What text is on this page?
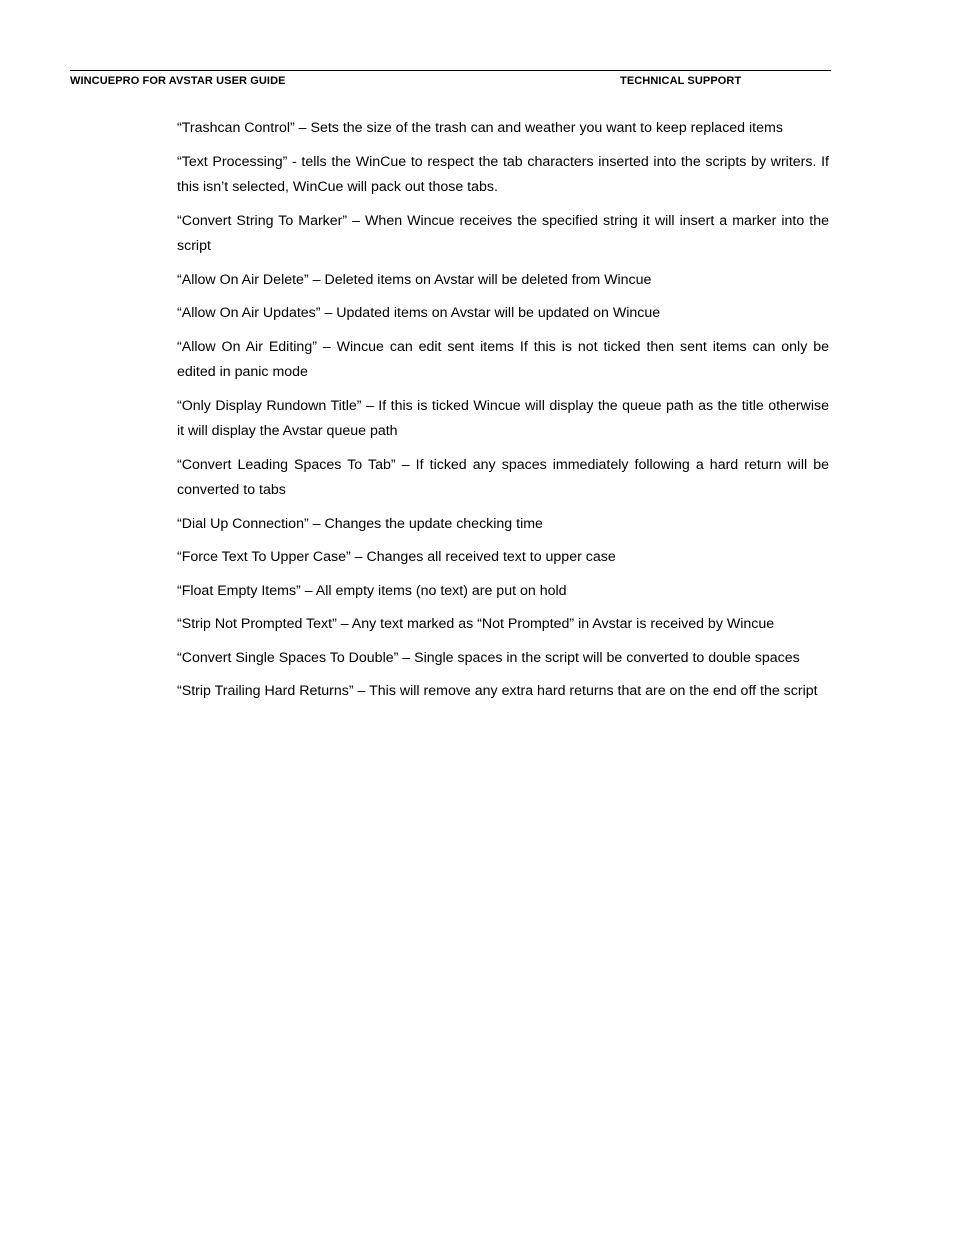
WINCUEPRO FOR AVSTAR USER GUIDE	TECHNICAL SUPPORT

“Trashcan Control” – Sets the size of the trash can and weather you want to keep replaced items

“Text Processing” - tells the WinCue to respect the tab characters inserted into the scripts by writers. If this isn’t selected, WinCue will pack out those tabs.

“Convert String To Marker” – When Wincue receives the specified string it will insert a marker into the script

“Allow On Air Delete” – Deleted items on Avstar will be deleted from Wincue

“Allow On Air Updates” – Updated items on Avstar will be updated on Wincue

“Allow On Air Editing” – Wincue can edit sent items If this is not ticked then sent items can only be edited in panic mode

“Only Display Rundown Title” – If this is ticked Wincue will display the queue path as the title otherwise it will display the Avstar queue path

“Convert Leading Spaces To Tab” – If ticked any spaces immediately following a hard return will be converted to tabs

“Dial Up Connection” – Changes the update checking time

“Force Text To Upper Case” – Changes all received text to upper case

“Float Empty Items” – All empty items (no text) are put on hold

“Strip Not Prompted Text” – Any text marked as “Not Prompted” in Avstar is received by Wincue

“Convert Single Spaces To Double” – Single spaces in the script will be converted to double spaces

“Strip Trailing Hard Returns” – This will remove any extra hard returns that are on the end off the script
